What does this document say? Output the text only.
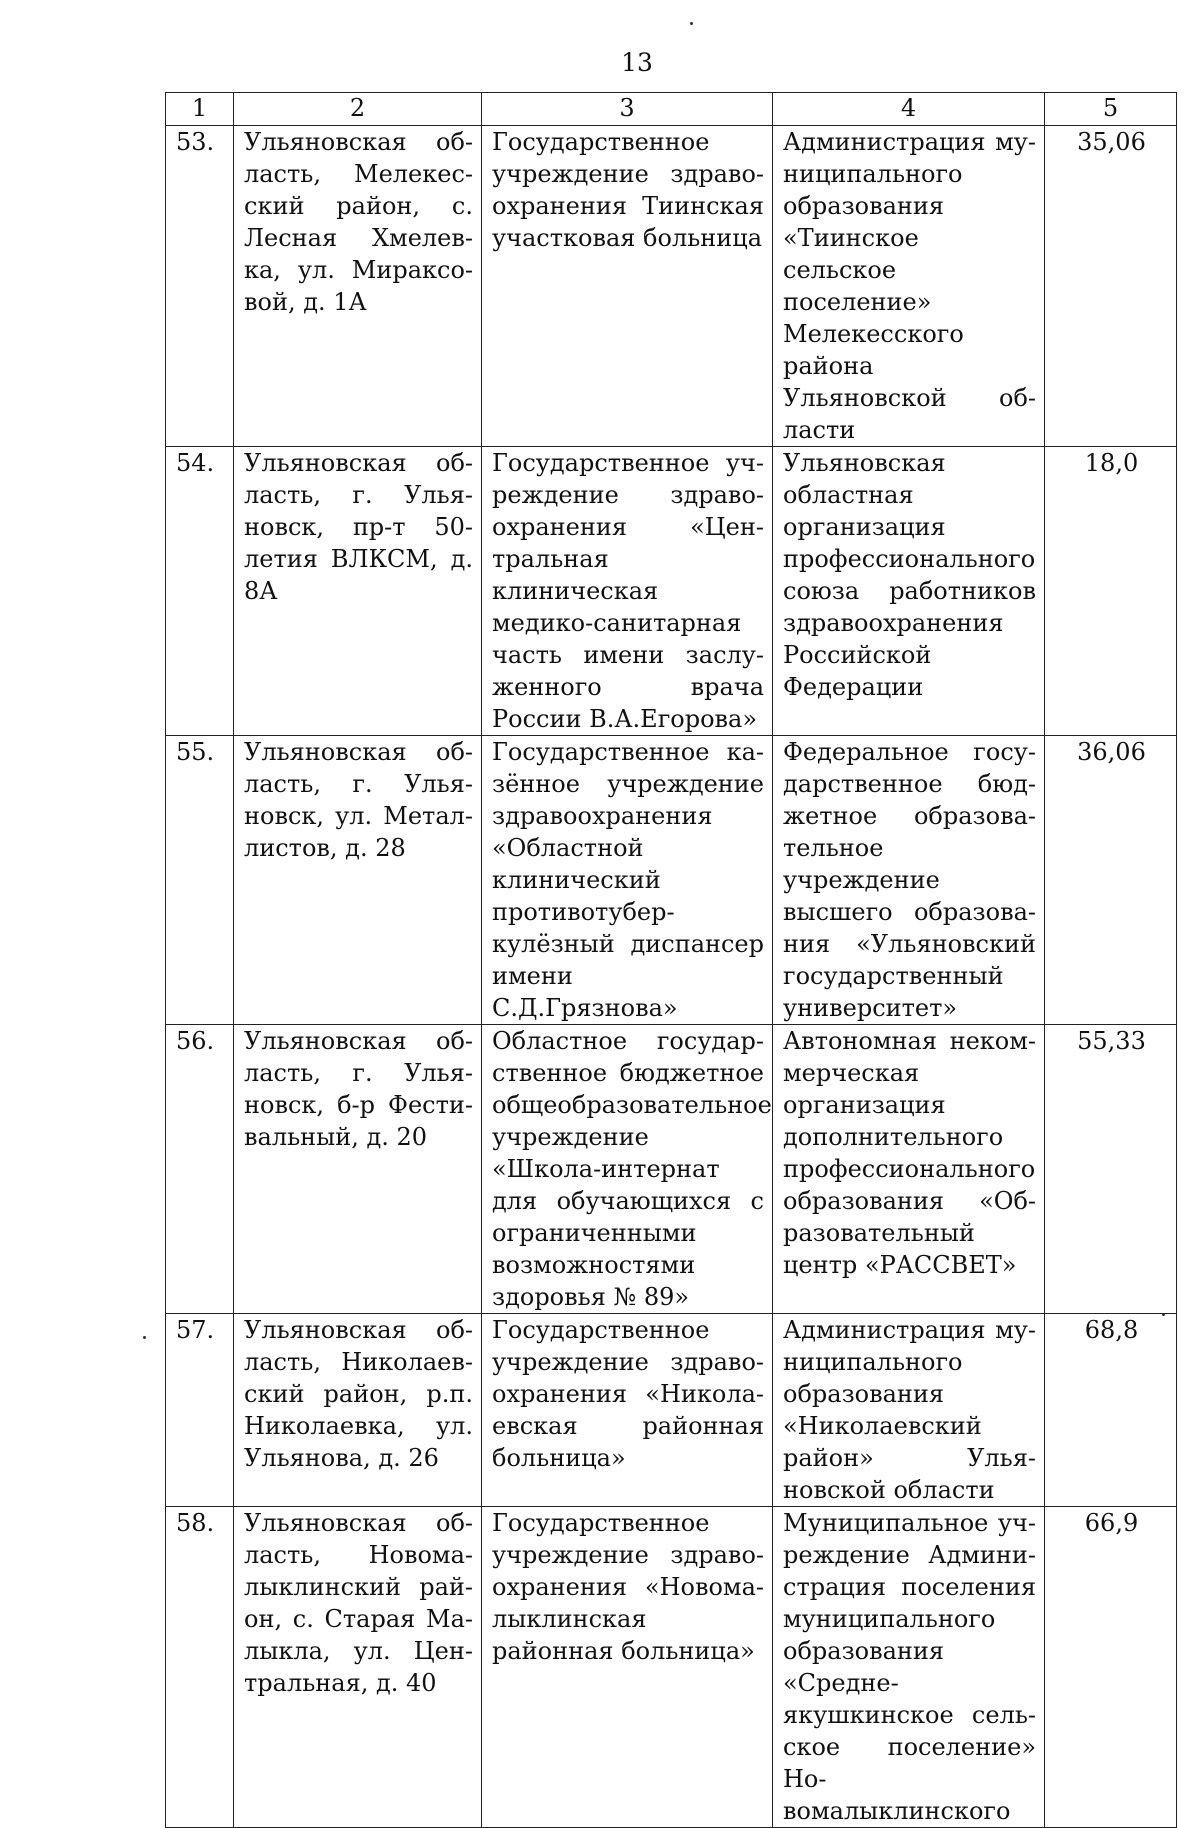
13
1	2	3	4	5
53.	Ульяновская область, Мелекесский район, с. Лесная Хмелевка, ул. Мираксовой, д. 1А	Государственное учреждение здравоохранения Тиинская участковая больница	Администрация муниципального образования «Тиинское сельское поселение» Мелекесского района Ульяновской области	35,06
54.	Ульяновская область, г. Ульяновск, пр-т 50-летия ВЛКСМ, д. 8А	Государственное учреждение здравоохранения «Центральная клиническая медико-санитарная часть имени заслуженного врача России В.А.Егорова»	Ульяновская областная организация профессионального союза работников здравоохранения Российской Федерации	18,0
55.	Ульяновская область, г. Ульяновск, ул. Металлистов, д. 28	Государственное казённое учреждение здравоохранения «Областной клинический противотуберкулёзный диспансер имени С.Д.Грязнова»	Федеральное государственное бюджетное образовательное учреждение высшего образования «Ульяновский государственный университет»	36,06
56.	Ульяновская область, г. Ульяновск, б-р Фестивальный, д. 20	Областное государственное бюджетное общеобразовательное учреждение «Школа-интернат для обучающихся с ограниченными возможностями здоровья № 89»	Автономная некоммерческая организация дополнительного профессионального образования «Образовательный центр «РАССВЕТ»	55,33
57.	Ульяновская область, Николаевский район, р.п. Николаевка, ул. Ульянова, д. 26	Государственное учреждение здравоохранения «Николаевская районная больница»	Администрация муниципального образования «Николаевский район» Ульяновской области	68,8
58.	Ульяновская область, Новомалыклинский район, с. Старая Малыкла, ул. Центральная, д. 40	Государственное учреждение здравоохранения «Новомалыклинская районная больница»	Муниципальное учреждение Администрация поселения муниципального образования «Среднеякушкинское сельское поселение» Новомалыклинского	66,9
